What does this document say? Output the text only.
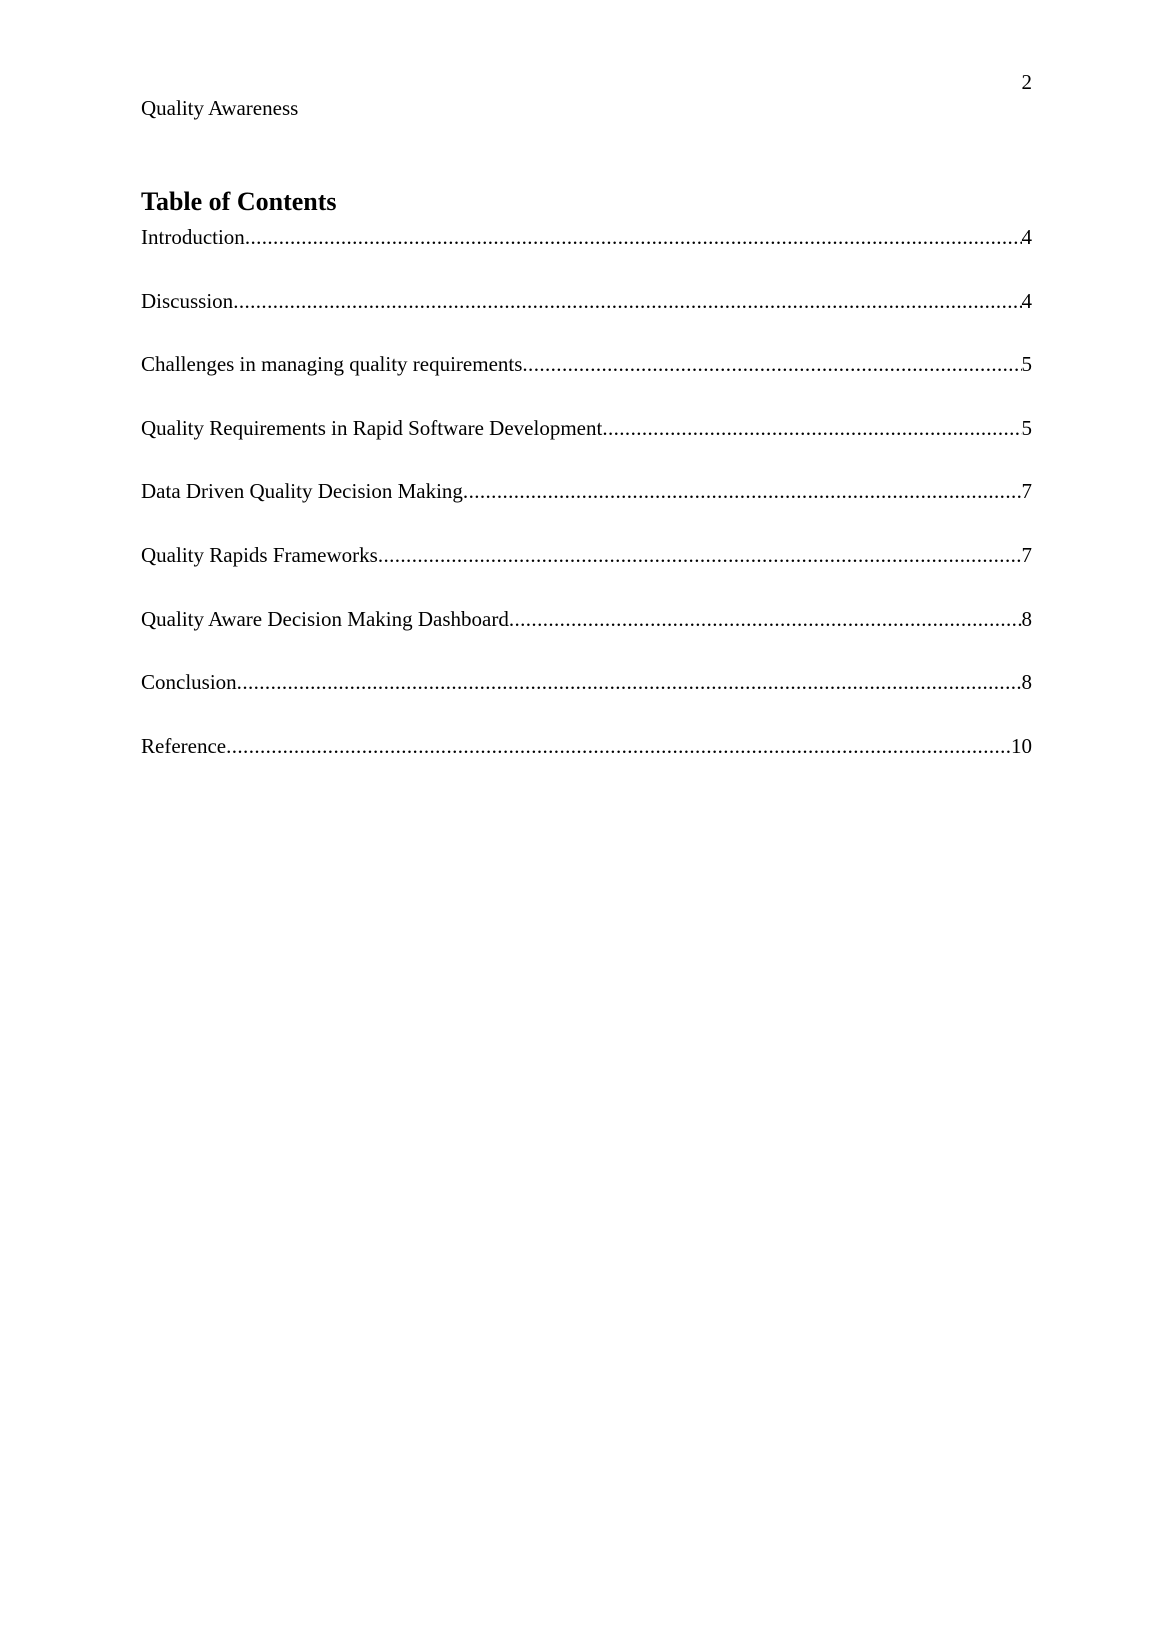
2
Quality Awareness
Table of Contents
Introduction .....	4
Discussion .....	4
Challenges in managing quality requirements .....	5
Quality Requirements in Rapid Software Development .....	5
Data Driven Quality Decision Making .....	7
Quality Rapids Frameworks .....	7
Quality Aware Decision Making Dashboard .....	8
Conclusion .....	8
Reference .....	10
